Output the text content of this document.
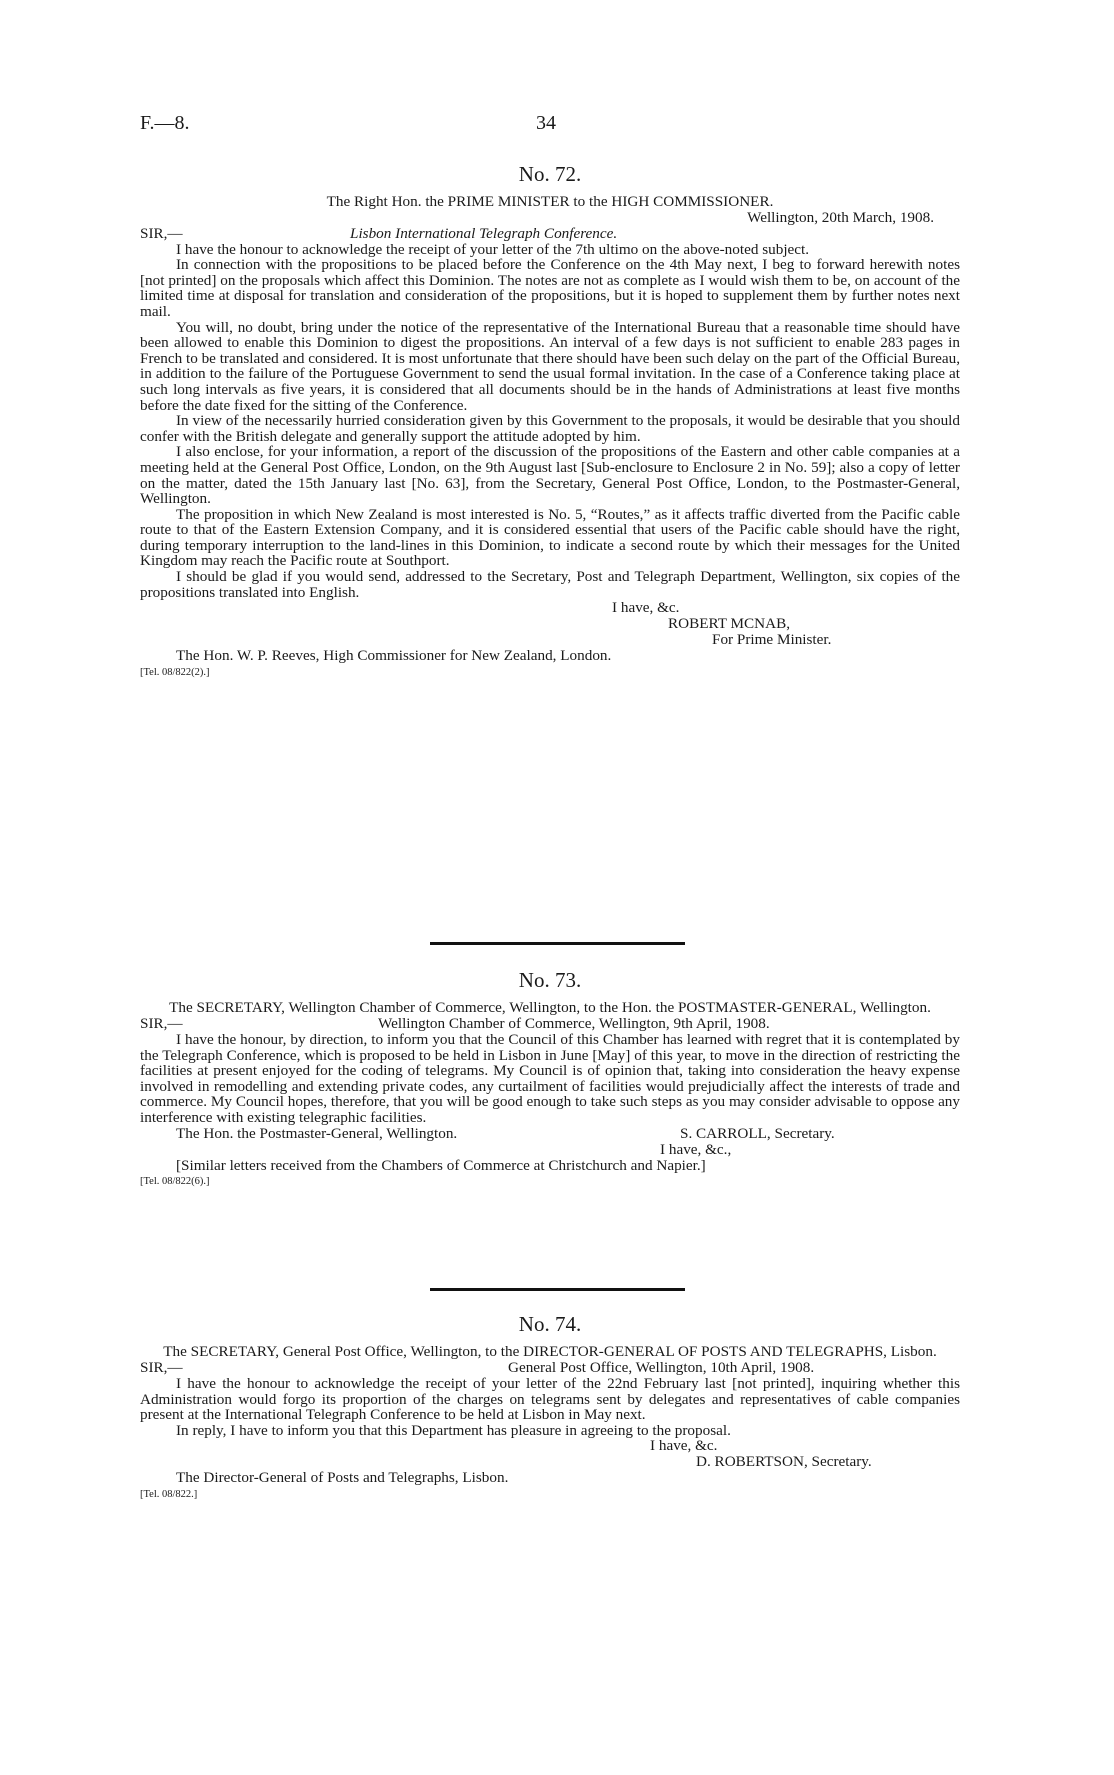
F.—8.	34
No. 72.
The Right Hon. the PRIME MINISTER to the HIGH COMMISSIONER.
Wellington, 20th March, 1908.
SIR,—	Lisbon International Telegraph Conference.

I have the honour to acknowledge the receipt of your letter of the 7th ultimo on the above-noted subject.

In connection with the propositions to be placed before the Conference on the 4th May next, I beg to forward herewith notes [not printed] on the proposals which affect this Dominion. The notes are not as complete as I would wish them to be, on account of the limited time at disposal for translation and consideration of the propositions, but it is hoped to supplement them by further notes next mail.

You will, no doubt, bring under the notice of the representative of the International Bureau that a reasonable time should have been allowed to enable this Dominion to digest the propositions. An interval of a few days is not sufficient to enable 283 pages in French to be translated and considered. It is most unfortunate that there should have been such delay on the part of the Official Bureau, in addition to the failure of the Portuguese Government to send the usual formal invitation. In the case of a Conference taking place at such long intervals as five years, it is considered that all documents should be in the hands of Administrations at least five months before the date fixed for the sitting of the Conference.

In view of the necessarily hurried consideration given by this Government to the proposals, it would be desirable that you should confer with the British delegate and generally support the attitude adopted by him.

I also enclose, for your information, a report of the discussion of the propositions of the Eastern and other cable companies at a meeting held at the General Post Office, London, on the 9th August last [Sub-enclosure to Enclosure 2 in No. 59]; also a copy of letter on the matter, dated the 15th January last [No. 63], from the Secretary, General Post Office, London, to the Postmaster-General, Wellington.

The proposition in which New Zealand is most interested is No. 5, “Routes,” as it affects traffic diverted from the Pacific cable route to that of the Eastern Extension Company, and it is considered essential that users of the Pacific cable should have the right, during temporary interruption to the land-lines in this Dominion, to indicate a second route by which their messages for the United Kingdom may reach the Pacific route at Southport.

I should be glad if you would send, addressed to the Secretary, Post and Telegraph Department, Wellington, six copies of the propositions translated into English.

I have, &c.
ROBERT MCNAB,
For Prime Minister.
The Hon. W. P. Reeves, High Commissioner for New Zealand, London.
[Tel. 08/822(2).]
No. 73.
The SECRETARY, Wellington Chamber of Commerce, Wellington, to the Hon. the POSTMASTER-GENERAL, Wellington.
SIR,—	Wellington Chamber of Commerce, Wellington, 9th April, 1908.

I have the honour, by direction, to inform you that the Council of this Chamber has learned with regret that it is contemplated by the Telegraph Conference, which is proposed to be held in Lisbon in June [May] of this year, to move in the direction of restricting the facilities at present enjoyed for the coding of telegrams. My Council is of opinion that, taking into consideration the heavy expense involved in remodelling and extending private codes, any curtailment of facilities would prejudicially affect the interests of trade and commerce. My Council hopes, therefore, that you will be good enough to take such steps as you may consider advisable to oppose any interference with existing telegraphic facilities.

The Hon. the Postmaster-General, Wellington.	S. CARROLL, Secretary.
I have, &c.,
[Similar letters received from the Chambers of Commerce at Christchurch and Napier.]
[Tel. 08/822(6).]
No. 74.
The SECRETARY, General Post Office, Wellington, to the DIRECTOR-GENERAL OF POSTS AND TELEGRAPHS, Lisbon.
SIR,—	General Post Office, Wellington, 10th April, 1908.

I have the honour to acknowledge the receipt of your letter of the 22nd February last [not printed], inquiring whether this Administration would forgo its proportion of the charges on telegrams sent by delegates and representatives of cable companies present at the International Telegraph Conference to be held at Lisbon in May next.

In reply, I have to inform you that this Department has pleasure in agreeing to the proposal.

I have, &c.
D. ROBERTSON, Secretary.
The Director-General of Posts and Telegraphs, Lisbon.
[Tel. 08/822.]
